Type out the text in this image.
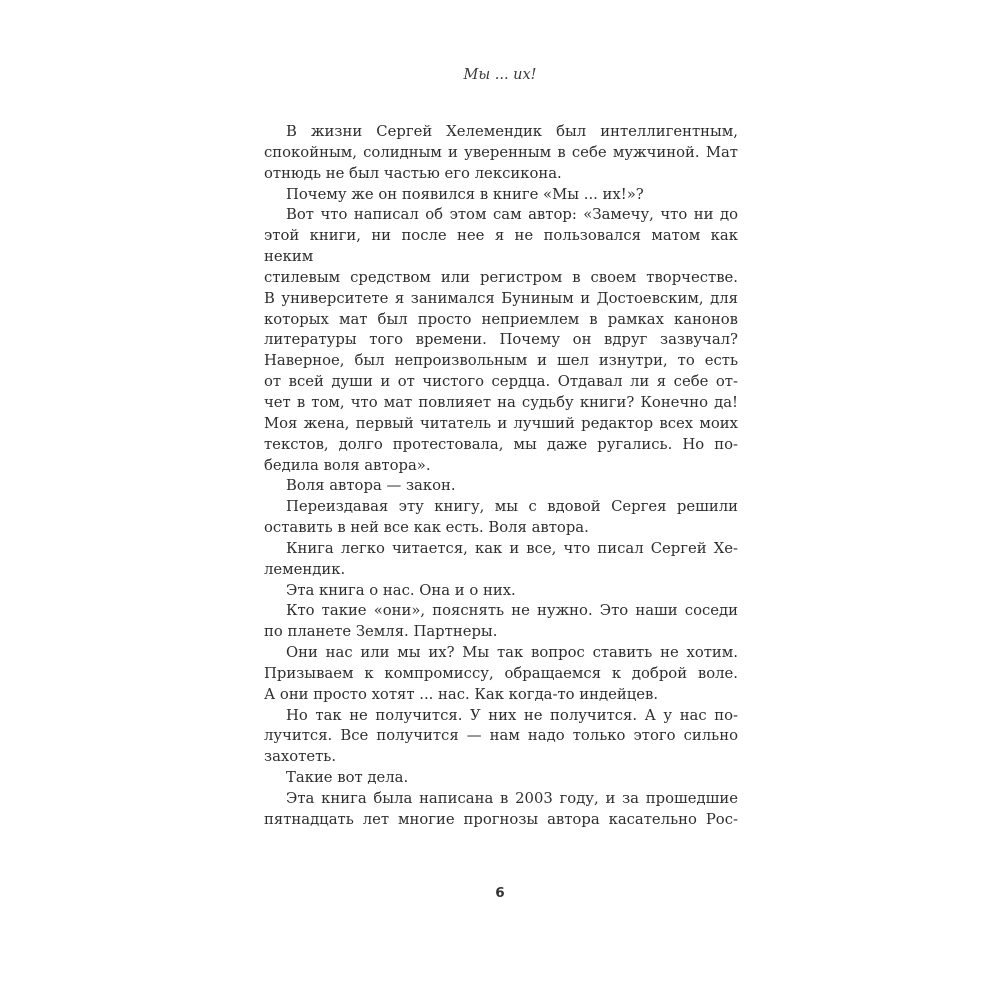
Мы ... их!
В жизни Сергей Хелемендик был интеллигентным,
спокойным, солидным и уверенным в себе мужчиной. Мат
отнюдь не был частью его лексикона.
Почему же он появился в книге «Мы ... их!»?
Вот что написал об этом сам автор: «Замечу, что ни до
этой книги, ни после нее я не пользовался матом как неким
стилевым средством или регистром в своем творчестве.
В университете я занимался Буниным и Достоевским, для
которых мат был просто неприемлем в рамках канонов
литературы того времени. Почему он вдруг зазвучал?
Наверное, был непроизвольным и шел изнутри, то есть
от всей души и от чистого сердца. Отдавал ли я себе от-
чет в том, что мат повлияет на судьбу книги? Конечно да!
Моя жена, первый читатель и лучший редактор всех моих
текстов, долго протестовала, мы даже ругались. Но по-
бедила воля автора».
Воля автора — закон.
Переиздавая эту книгу, мы с вдовой Сергея решили
оставить в ней все как есть. Воля автора.
Книга легко читается, как и все, что писал Сергей Хе-
лемендик.
Эта книга о нас. Она и о них.
Кто такие «они», пояснять не нужно. Это наши соседи
по планете Земля. Партнеры.
Они нас или мы их? Мы так вопрос ставить не хотим.
Призываем к компромиссу, обращаемся к доброй воле.
А они просто хотят ... нас. Как когда-то индейцев.
Но так не получится. У них не получится. А у нас по-
лучится. Все получится — нам надо только этого сильно
захотеть.
Такие вот дела.
Эта книга была написана в 2003 году, и за прошедшие
пятнадцать лет многие прогнозы автора касательно Рос-
6
